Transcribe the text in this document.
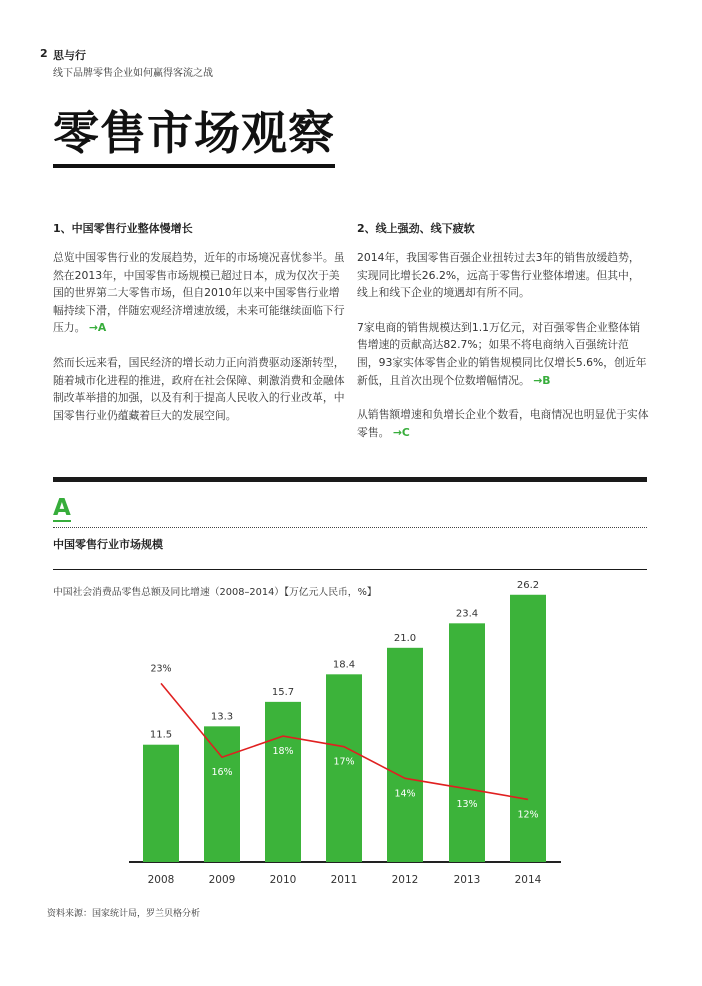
2 思与行
线下品牌零售企业如何赢得客流之战
零售市场观察
1、中国零售行业整体慢增长

总览中国零售行业的发展趋势，近年的市场境况喜忧参半。虽然在2013年，中国零售市场规模已超过日本，成为仅次于美国的世界第二大零售市场，但自2010年以来中国零售行业增幅持续下滑，伴随宏观经济增速放缓，未来可能继续面临下行压力。 →A

然而长远来看，国民经济的增长动力正向消费驱动逐渐转型，随着城市化进程的推进，政府在社会保障、刺激消费和金融体制改革举措的加强，以及有利于提高人民收入的行业改革，中国零售行业仍蕴藏着巨大的发展空间。

2、线上强劲、线下疲软

2014年，我国零售百强企业扭转过去3年的销售放缓趋势，实现同比增长26.2%，远高于零售行业整体增速。但其中，线上和线下企业的境遇却有所不同。

7家电商的销售规模达到1.1万亿元，对百强零售企业整体销售增速的贡献高达82.7%；如果不将电商纳入百强统计范围，93家实体零售企业的销售规模同比仅增长5.6%，创近年新低，且首次出现个位数增幅情况。 →B

从销售额增速和负增长企业个数看，电商情况也明显优于实体零售。 →C

A
中国零售行业市场规模
中国社会消费品零售总额及同比增速（2008–2014）【万亿元人民币，%】
11.5
2008
13.3
2009
15.7
2010
18.4
2011
21.0
2012
23.4
2013
26.2
2014
23%
16%
18%
17%
14%
13%
12%
资料来源：国家统计局，罗兰贝格分析
